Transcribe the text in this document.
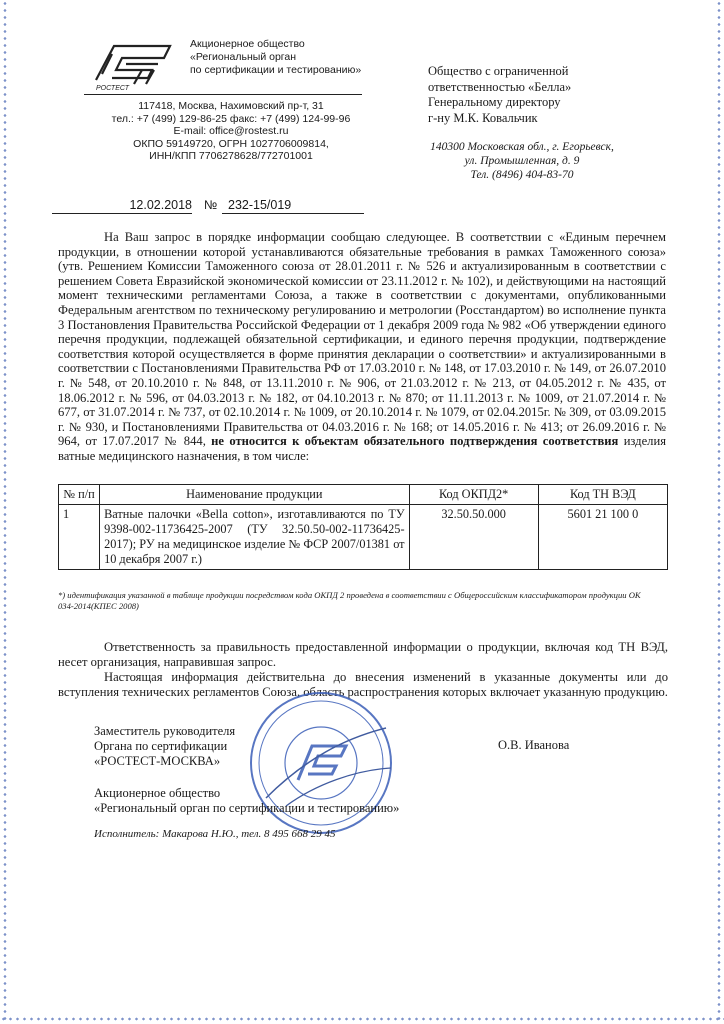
РОСТЕСТ
Акционерное общество
«Региональный орган
по сертификации и тестированию»
117418, Москва, Нахимовский пр-т, 31
тел.: +7 (499) 129-86-25 факс: +7 (499) 124-99-96
E-mail: office@rostest.ru
ОКПО 59149720, ОГРН 1027706009814,
ИНН/КПП 7706278628/772701001
Общество с ограниченной
ответственностью «Белла»
Генеральному директору
г-ну М.К. Ковальчик
140300 Московская обл., г. Егорьевск,
ул. Промышленная, д. 9
Тел. (8496) 404-83-70
12.02.2018 № 232-15/019

На Ваш запрос в порядке информации сообщаю следующее. В соответствии с «Единым перечнем продукции, в отношении которой устанавливаются обязательные требования в рамках Таможенного союза» (утв. Решением Комиссии Таможенного союза от 28.01.2011 г. № 526 и актуализированным в соответствии с решением Совета Евразийской экономической комиссии от 23.11.2012 г. № 102), и действующими на настоящий момент техническими регламентами Союза, а также в соответствии с документами, опубликованными Федеральным агентством по техническому регулированию и метрологии (Росстандартом) во исполнение пункта 3 Постановления Правительства Российской Федерации от 1 декабря 2009 года № 982 «Об утверждении единого перечня продукции, подлежащей обязательной сертификации, и единого перечня продукции, подтверждение соответствия которой осуществляется в форме принятия декларации о соответствии» и актуализированными в соответствии с Постановлениями Правительства РФ от 17.03.2010 г. № 148, от 17.03.2010 г. № 149, от 26.07.2010 г. № 548, от 20.10.2010 г. № 848, от 13.11.2010 г. № 906, от 21.03.2012 г. № 213, от 04.05.2012 г. № 435, от 18.06.2012 г. № 596, от 04.03.2013 г. № 182, от 04.10.2013 г. № 870; от 11.11.2013 г. № 1009, от 21.07.2014 г. № 677, от 31.07.2014 г. № 737, от 02.10.2014 г. № 1009, от 20.10.2014 г. № 1079, от 02.04.2015г. № 309, от 03.09.2015 г. № 930, и Постановлениями Правительства от 04.03.2016 г. № 168; от 14.05.2016 г. № 413; от 26.09.2016 г. № 964, от 17.07.2017 № 844, не относится к объектам обязательного подтверждения соответствия изделия ватные медицинского назначения, в том числе:

№ п/п	Наименование продукции	Код ОКПД2*	Код ТН ВЭД
1	Ватные палочки «Bella cotton», изготавливаются по ТУ 9398-002-11736425-2007 (ТУ 32.50.50-002-11736425-2017); РУ на медицинское изделие № ФСР 2007/01381 от 10 декабря 2007 г.)	32.50.50.000	5601 21 100 0
*) идентификация указанной в таблице продукции посредством кода ОКПД 2 проведена в соответствии с Общероссийским классификатором продукции ОК 034-2014(КПЕС 2008)

Ответственность за правильность предоставленной информации о продукции, включая код ТН ВЭД, несет организация, направившая запрос.

Настоящая информация действительна до внесения изменений в указанные документы или до вступления технических регламентов Союза, область распространения которых включает указанную продукцию.

Заместитель руководителя
Органа по сертификации
«РОСТЕСТ-МОСКВА»
О.В. Иванова
Акционерное общество
«Региональный орган по сертификации и тестированию»
Исполнитель: Макарова Н.Ю., тел. 8 495 668 29 45
